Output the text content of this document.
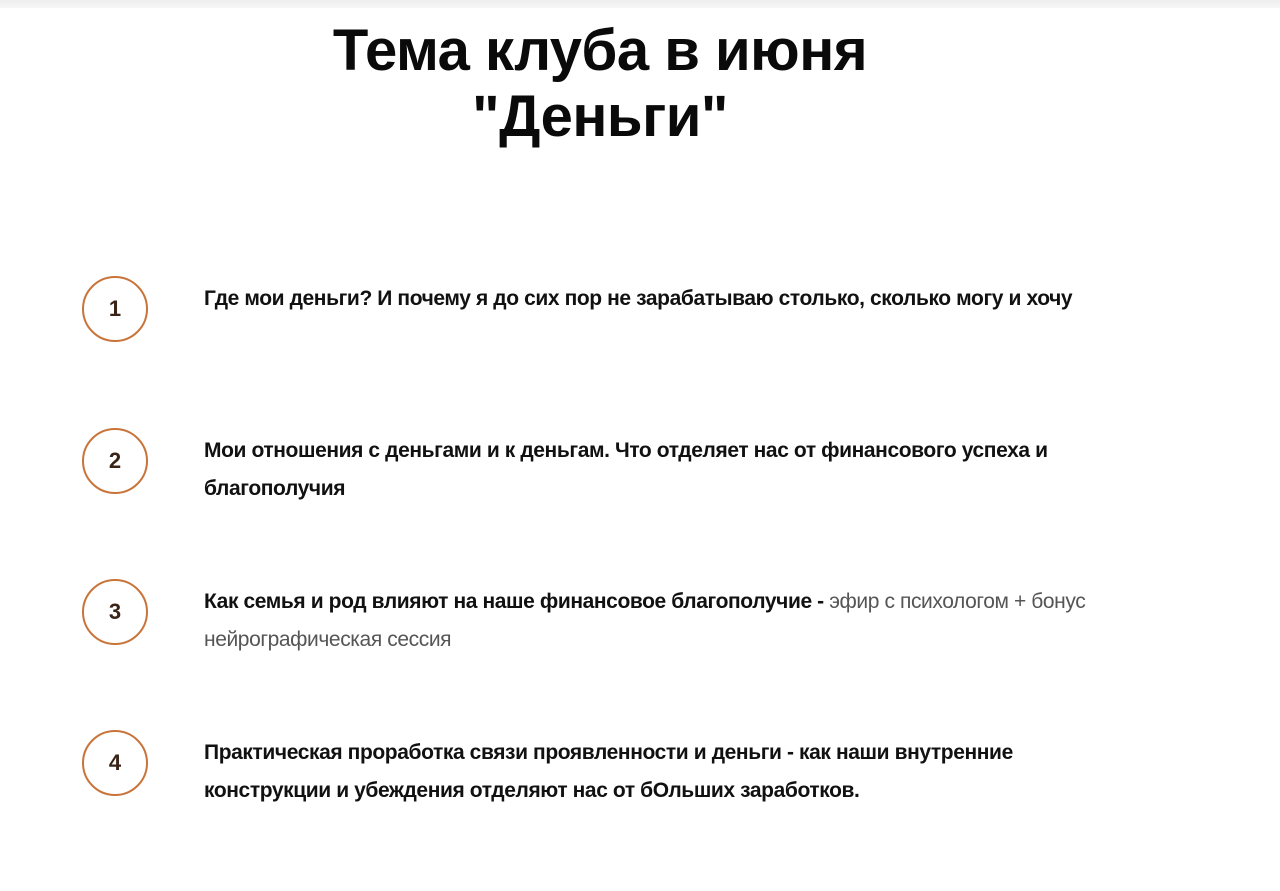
Тема клуба в июня
"Деньги"
1	Где мои деньги? И почему я до сих пор не зарабатываю столько, сколько могу и хочу
2	Мои отношения с деньгами и к деньгам. Что отделяет нас от финансового успеха и благополучия
3	Как семья и род влияют на наше финансовое благополучие - эфир с психологом + бонус нейрографическая сессия
4	Практическая проработка связи проявленности и деньги - как наши внутренние конструкции и убеждения отделяют нас от бОльших заработков.
